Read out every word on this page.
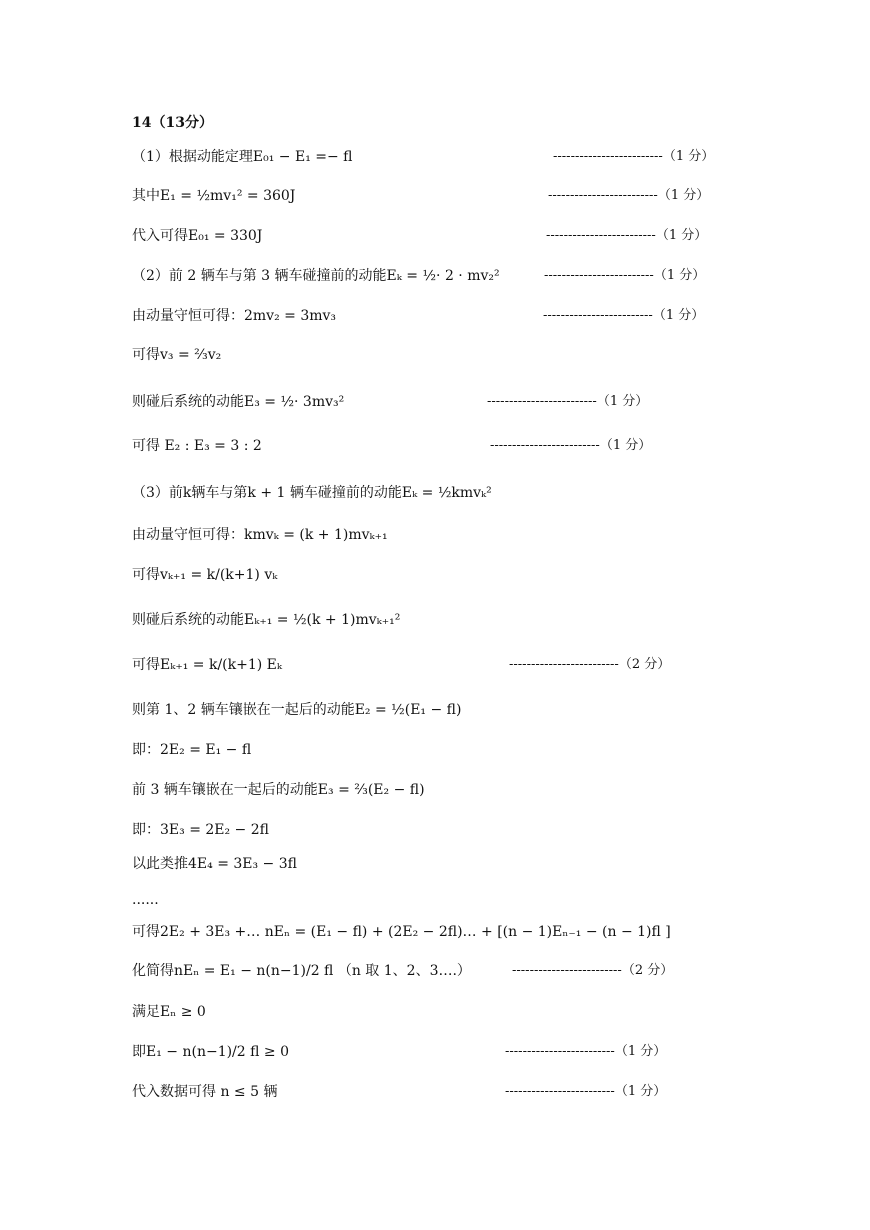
14（13分）
（1）根据动能定理E₀₁ − E₁ =− fl	-------------------------（1 分）
其中E₁ = ½mv₁² = 360J	-------------------------（1 分）
代入可得E₀₁ = 330J	-------------------------（1 分）
（2）前 2 辆车与第 3 辆车碰撞前的动能Eₖ = ½· 2 · mv₂²	-------------------------（1 分）
由动量守恒可得：2mv₂ = 3mv₃	-------------------------（1 分）
可得v₃ = ⅔v₂
则碰后系统的动能E₃ = ½· 3mv₃²	-------------------------（1 分）
可得 E₂ : E₃ = 3 : 2	-------------------------（1 分）
（3）前k辆车与第k + 1 辆车碰撞前的动能Eₖ = ½kmvₖ²
由动量守恒可得：kmvₖ = (k + 1)mvₖ₊₁
可得vₖ₊₁ = k/(k+1) vₖ
则碰后系统的动能Eₖ₊₁ = ½(k + 1)mvₖ₊₁²
可得Eₖ₊₁ = k/(k+1) Eₖ	-------------------------（2 分）
则第 1、2 辆车镶嵌在一起后的动能E₂ = ½(E₁ − fl)
即：2E₂ = E₁ − fl
前 3 辆车镶嵌在一起后的动能E₃ = ⅔(E₂ − fl)
即：3E₃ = 2E₂ − 2fl
以此类推4E₄ = 3E₃ − 3fl
......
可得2E₂ + 3E₃ +… nEₙ = (E₁ − fl) + (2E₂ − 2fl)… + [(n − 1)Eₙ₋₁ − (n − 1)fl ]
化简得nEₙ = E₁ − n(n−1)/2 fl （n 取 1、2、3….）	-------------------------（2 分）
满足Eₙ ≥ 0
即E₁ − n(n−1)/2 fl ≥ 0	-------------------------（1 分）
代入数据可得 n ≤ 5 辆	-------------------------（1 分）
